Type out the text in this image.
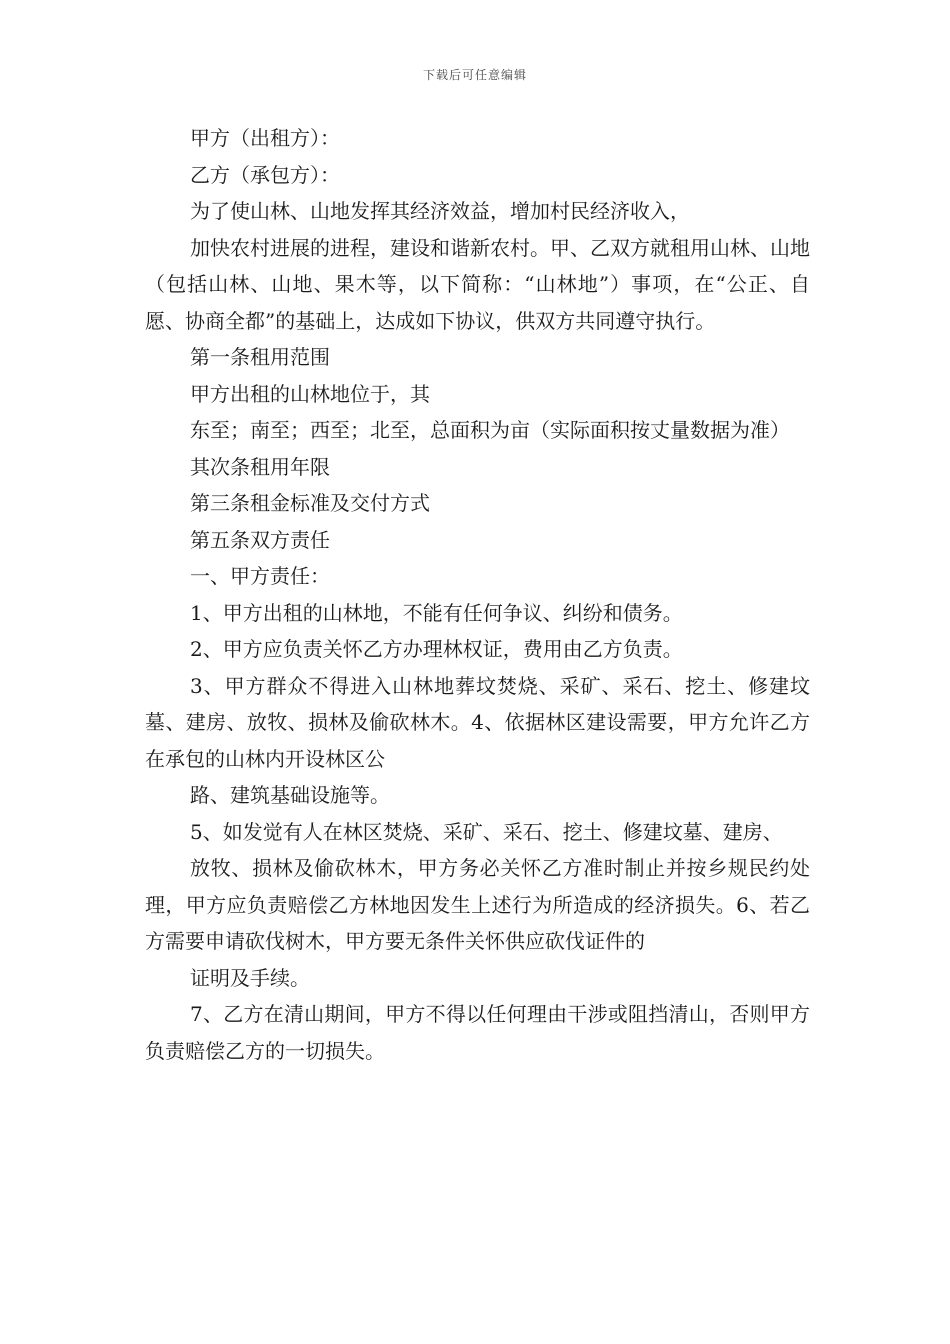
下载后可任意编辑

甲方（出租方）：

乙方（承包方）：

为了使山林、山地发挥其经济效益，增加村民经济收入，

加快农村进展的进程，建设和谐新农村。甲、乙双方就租用山林、山地（包括山林、山地、果木等，以下简称：“山林地”）事项，在“公正、自愿、协商全都”的基础上，达成如下协议，供双方共同遵守执行。

第一条租用范围

甲方出租的山林地位于，其

东至；南至；西至；北至，总面积为亩（实际面积按丈量数据为准）

其次条租用年限

第三条租金标准及交付方式

第五条双方责任

一、甲方责任：

1、甲方出租的山林地，不能有任何争议、纠纷和债务。

2、甲方应负责关怀乙方办理林权证，费用由乙方负责。

3、甲方群众不得进入山林地葬坟焚烧、采矿、采石、挖土、修建坟墓、建房、放牧、损林及偷砍林木。4、依据林区建设需要，甲方允许乙方在承包的山林内开设林区公

路、建筑基础设施等。

5、如发觉有人在林区焚烧、采矿、采石、挖土、修建坟墓、建房、

放牧、损林及偷砍林木，甲方务必关怀乙方准时制止并按乡规民约处理，甲方应负责赔偿乙方林地因发生上述行为所造成的经济损失。6、若乙方需要申请砍伐树木，甲方要无条件关怀供应砍伐证件的

证明及手续。

7、乙方在清山期间，甲方不得以任何理由干涉或阻挡清山，否则甲方负责赔偿乙方的一切损失。
